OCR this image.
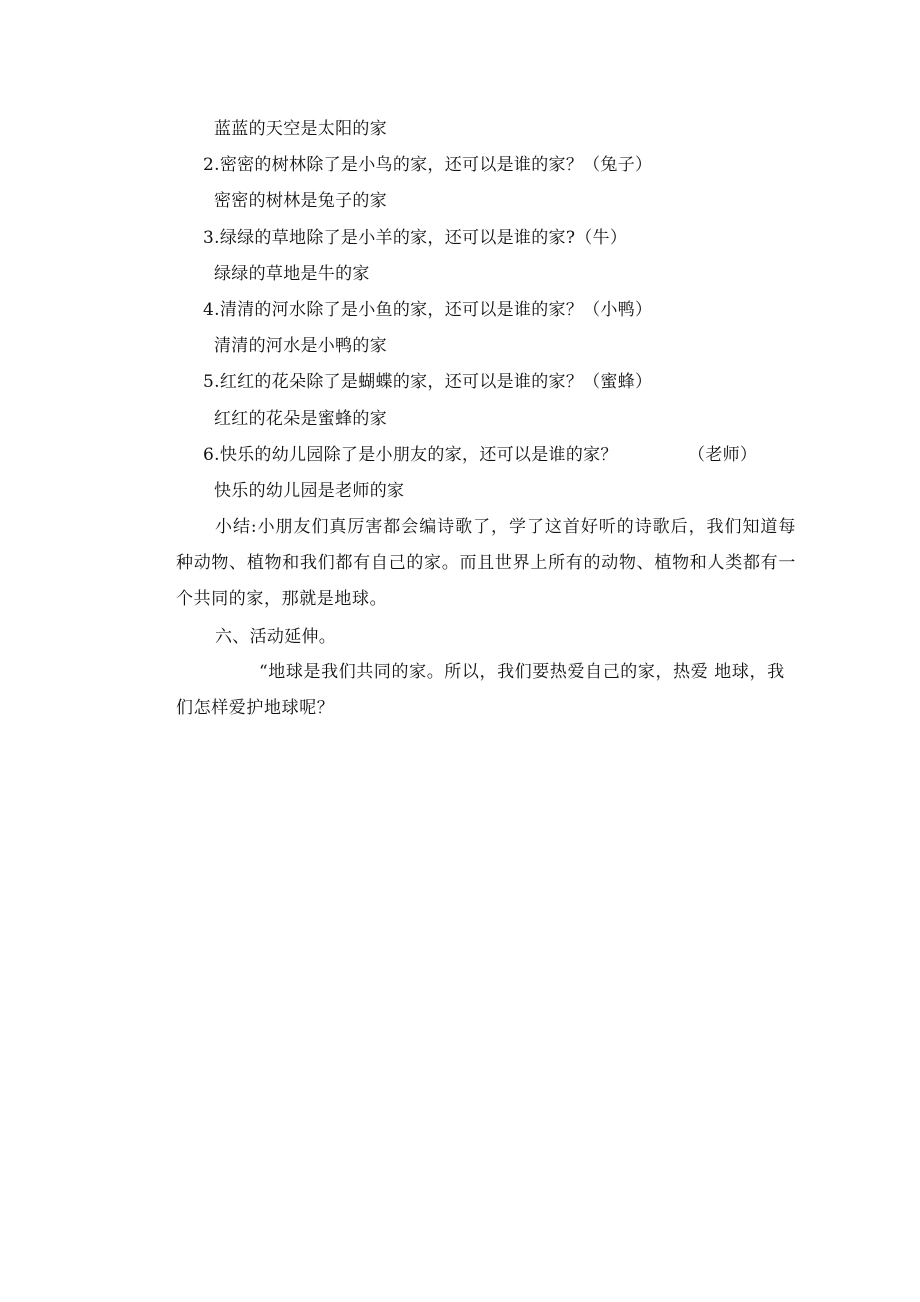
蓝蓝的天空是太阳的家
2.密密的树林除了是小鸟的家，还可以是谁的家？（兔子）
密密的树林是兔子的家
3.绿绿的草地除了是小羊的家，还可以是谁的家?（牛）
绿绿的草地是牛的家
4.清清的河水除了是小鱼的家，还可以是谁的家？（小鸭）
清清的河水是小鸭的家
5.红红的花朵除了是蝴蝶的家，还可以是谁的家？（蜜蜂）
红红的花朵是蜜蜂的家
6.快乐的幼儿园除了是小朋友的家，还可以是谁的家？	（老师）
快乐的幼儿园是老师的家
小结:小朋友们真厉害都会编诗歌了，学了这首好听的诗歌后，我们知道每种动物、植物和我们都有自己的家。而且世界上所有的动物、植物和人类都有一个共同的家，那就是地球。
六、活动延伸。
“地球是我们共同的家。所以，我们要热爱自己的家，热爱 地球，我们怎样爱护地球呢？
